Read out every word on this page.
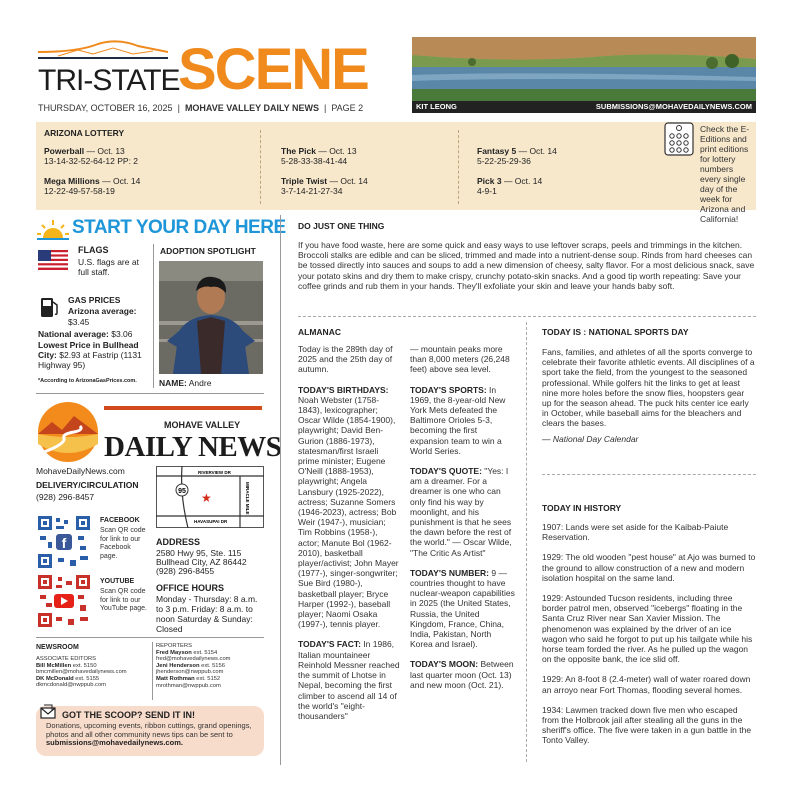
TRI-STATE
SCENE
THURSDAY, OCTOBER 16, 2025  |  MOHAVE VALLEY DAILY NEWS  |  PAGE 2	KIT LEONG	SUBMISSIONS@MOHAVEDAILYNEWS.COM
ARIZONA LOTTERY
Powerball — Oct. 13
13-14-32-52-64-12 PP: 2
Mega Millions — Oct. 14
12-22-49-57-58-19
The Pick — Oct. 13
5-28-33-38-41-44
Triple Twist — Oct. 14
3-7-14-21-27-34
Fantasy 5 — Oct. 14
5-22-25-29-36
Pick 3 — Oct. 14
4-9-1
Check the E-Editions and print editions for lottery numbers every single day of the week for Arizona and California!
START YOUR DAY HERE
FLAGS
U.S. flags are at full staff.
GAS PRICES
Arizona average:
$3.45
National average: $3.06
Lowest Price in Bullhead City: $2.93 at Fastrip (1131 Highway 95)
*According to ArizonaGasPrices.com.
ADOPTION SPOTLIGHT
NAME: Andre
MOHAVE VALLEY
DAILY NEWS
MohaveDailyNews.com
DELIVERY/CIRCULATION
(928) 296-8457
95
RIVERVIEW DR
HAVASUPAI DR
MIRACLE MILE
★
f
FACEBOOK
Scan QR code for link to our Facebook page.
YOUTUBE
Scan QR code for link to our YouTube page.
ADDRESS
2580 Hwy 95, Ste. 115
Bullhead City, AZ 86442
(928) 296-8455
OFFICE HOURS
Monday - Thursday: 8 a.m. to 3 p.m. Friday: 8 a.m. to noon Saturday & Sunday: Closed
NEWSROOM
ASSOCIATE EDITORS
Bill McMillen ext. 5150
bmcmillen@mohavedailynews.com
DK McDonald ext. 5155
dkmcdonald@nwppub.com
REPORTERS
Fred Mayson ext. 5154
fred@mohavedailynews.com
Jeni Henderson ext. 5156
jhenderson@nwppub.com
Matt Rothman ext. 5152
mrothman@nwppub.com
GOT THE SCOOP? SEND IT IN!
Donations, upcoming events, ribbon cuttings, grand openings, photos and all other community news tips can be sent to submissions@mohavedailynews.com.
DO JUST ONE THING
If you have food waste, here are some quick and easy ways to use leftover scraps, peels and trimmings in the kitchen. Broccoli stalks are edible and can be sliced, trimmed and made into a nutrient-dense soup. Rinds from hard cheeses can be tossed directly into sauces and soups to add a new dimension of cheesy, salty flavor. For a most delicious snack, save your potato skins and dry them to make crispy, crunchy potato-skin snacks. And a good tip worth repeating: Save your coffee grinds and rub them in your hands. They'll exfoliate your skin and leave your hands baby soft.
ALMANAC

Today is the 289th day of 2025 and the 25th day of autumn.

TODAY'S BIRTHDAYS: Noah Webster (1758-1843), lexicographer; Oscar Wilde (1854-1900), playwright; David Ben-Gurion (1886-1973), statesman/first Israeli prime minister; Eugene O'Neill (1888-1953), playwright; Angela Lansbury (1925-2022), actress; Suzanne Somers (1946-2023), actress; Bob Weir (1947-), musician; Tim Robbins (1958-), actor; Manute Bol (1962-2010), basketball player/activist; John Mayer (1977-), singer-songwriter; Sue Bird (1980-), basketball player; Bryce Harper (1992-), baseball player; Naomi Osaka (1997-), tennis player.

TODAY'S FACT: In 1986, Italian mountaineer Reinhold Messner reached the summit of Lhotse in Nepal, becoming the first climber to ascend all 14 of the world's "eight-thousanders"

— mountain peaks more than 8,000 meters (26,248 feet) above sea level.

TODAY'S SPORTS: In 1969, the 8-year-old New York Mets defeated the Baltimore Orioles 5-3, becoming the first expansion team to win a World Series.

TODAY'S QUOTE: "Yes: I am a dreamer. For a dreamer is one who can only find his way by moonlight, and his punishment is that he sees the dawn before the rest of the world." — Oscar Wilde, "The Critic As Artist"

TODAY'S NUMBER: 9 — countries thought to have nuclear-weapon capabilities in 2025 (the United States, Russia, the United Kingdom, France, China, India, Pakistan, North Korea and Israel).

TODAY'S MOON: Between last quarter moon (Oct. 13) and new moon (Oct. 21).

TODAY IS : NATIONAL SPORTS DAY

Fans, families, and athletes of all the sports converge to celebrate their favorite athletic events. All disciplines of a sport take the field, from the youngest to the seasoned professional. While golfers hit the links to get at least nine more holes before the snow flies, hoopsters gear up for the season ahead. The puck hits center ice early in October, while baseball aims for the bleachers and clears the bases.

— National Day Calendar

TODAY IN HISTORY

1907: Lands were set aside for the Kaibab-Paiute Reservation.

1929: The old wooden "pest house" at Ajo was burned to the ground to allow construction of a new and modern isolation hospital on the same land.

1929: Astounded Tucson residents, including three border patrol men, observed "icebergs" floating in the Santa Cruz River near San Xavier Mission. The phenomenon was explained by the driver of an ice wagon who said he forgot to put up his tailgate while his horse team forded the river. As he pulled up the wagon on the opposite bank, the ice slid off.

1929: An 8-foot 8 (2.4-meter) wall of water roared down an arroyo near Fort Thomas, flooding several homes.

1934: Lawmen tracked down five men who escaped from the Holbrook jail after stealing all the guns in the sheriff's office. The five were taken in a gun battle in the Tonto Valley.
